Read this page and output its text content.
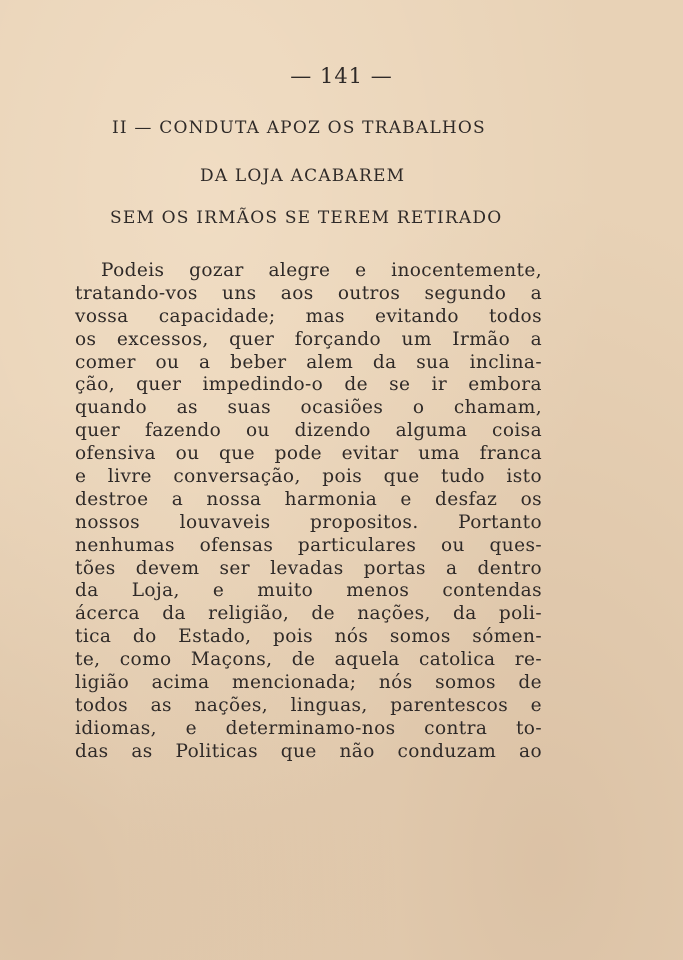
— 141 —
II — CONDUTA APOZ OS TRABALHOS
DA LOJA ACABAREM
SEM OS IRMÃOS SE TEREM RETIRADO
Podeis gozar alegre e inocentemente,
tratando-vos uns aos outros segundo a
vossa capacidade; mas evitando todos
os excessos, quer forçando um Irmão a
comer ou a beber alem da sua inclina-
ção, quer impedindo-o de se ir embora
quando as suas ocasiões o chamam,
quer fazendo ou dizendo alguma coisa
ofensiva ou que pode evitar uma franca
e livre conversação, pois que tudo isto
destroe a nossa harmonia e desfaz os
nossos louvaveis propositos. Portanto
nenhumas ofensas particulares ou ques-
tões devem ser levadas portas a dentro
da Loja, e muito menos contendas
ácerca da religião, de nações, da poli-
tica do Estado, pois nós somos sómen-
te, como Maçons, de aquela catolica re-
ligião acima mencionada; nós somos de
todos as nações, linguas, parentescos e
idiomas, e determinamo-nos contra to-
das as Politicas que não conduzam ao
